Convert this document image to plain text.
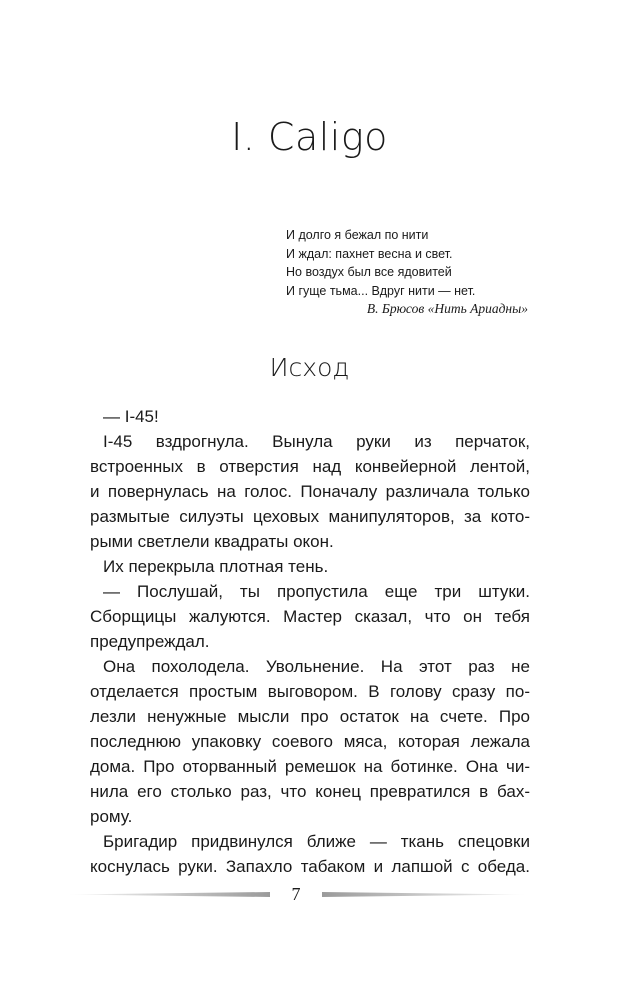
I. Caligo
И долго я бежал по нити
И ждал: пахнет весна и свет.
Но воздух был все ядовитей
И гуще тьма... Вдруг нити — нет.
В. Брюсов «Нить Ариадны»
Исход
— I-45!
I-45 вздрогнула. Вынула руки из перчаток,
встроенных в отверстия над конвейерной лентой,
и повернулась на голос. Поначалу различала только
размытые силуэты цеховых манипуляторов, за кото-
рыми светлели квадраты окон.
Их перекрыла плотная тень.
— Послушай, ты пропустила еще три штуки.
Сборщицы жалуются. Мастер сказал, что он тебя
предупреждал.
Она похолодела. Увольнение. На этот раз не
отделается простым выговором. В голову сразу по-
лезли ненужные мысли про остаток на счете. Про
последнюю упаковку соевого мяса, которая лежала
дома. Про оторванный ремешок на ботинке. Она чи-
нила его столько раз, что конец превратился в бах-
рому.
Бригадир придвинулся ближе — ткань спецовки
коснулась руки. Запахло табаком и лапшой с обеда.
7
